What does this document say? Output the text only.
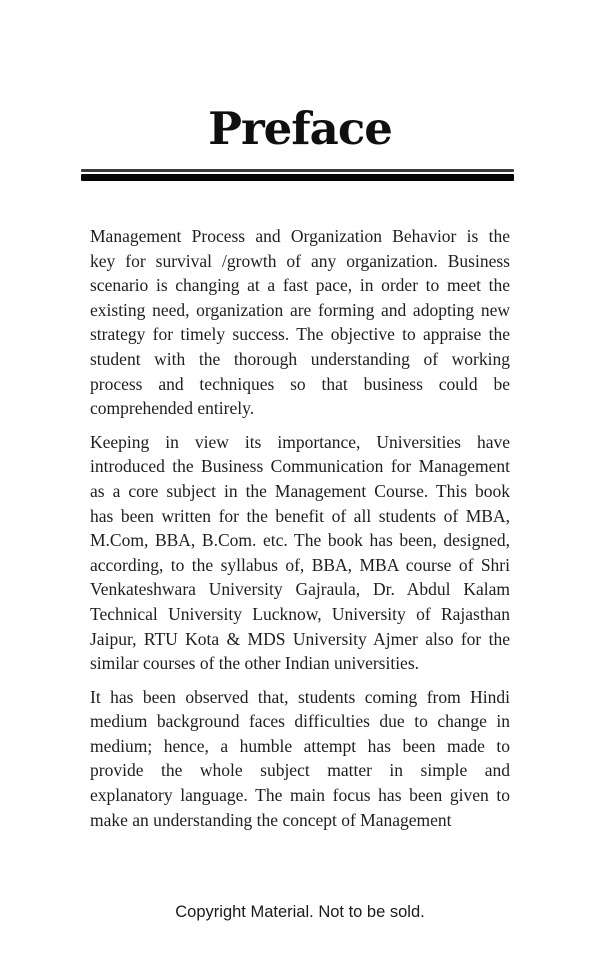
Preface

Management Process and Organization Behavior is the
key for survival /growth of any organization. Business
scenario is changing at a fast pace, in order to meet the
existing need, organization are forming and adopting new
strategy for timely success. The objective to appraise the
student with the thorough understanding of working
process and techniques so that business could be
comprehended entirely.

Keeping in view its importance, Universities have
introduced the Business Communication for Management
as a core subject in the Management Course. This book
has been written for the benefit of all students of MBA,
M.Com, BBA, B.Com. etc. The book has been, designed,
according, to the syllabus of, BBA, MBA course of Shri
Venkateshwara University Gajraula, Dr. Abdul Kalam
Technical University Lucknow, University of Rajasthan
Jaipur, RTU Kota & MDS University Ajmer also for the
similar courses of the other Indian universities.

It has been observed that, students coming from Hindi
medium background faces difficulties due to change in
medium; hence, a humble attempt has been made to
provide the whole subject matter in simple and
explanatory language. The main focus has been given to
make an understanding the concept of Management

Copyright Material. Not to be sold.
